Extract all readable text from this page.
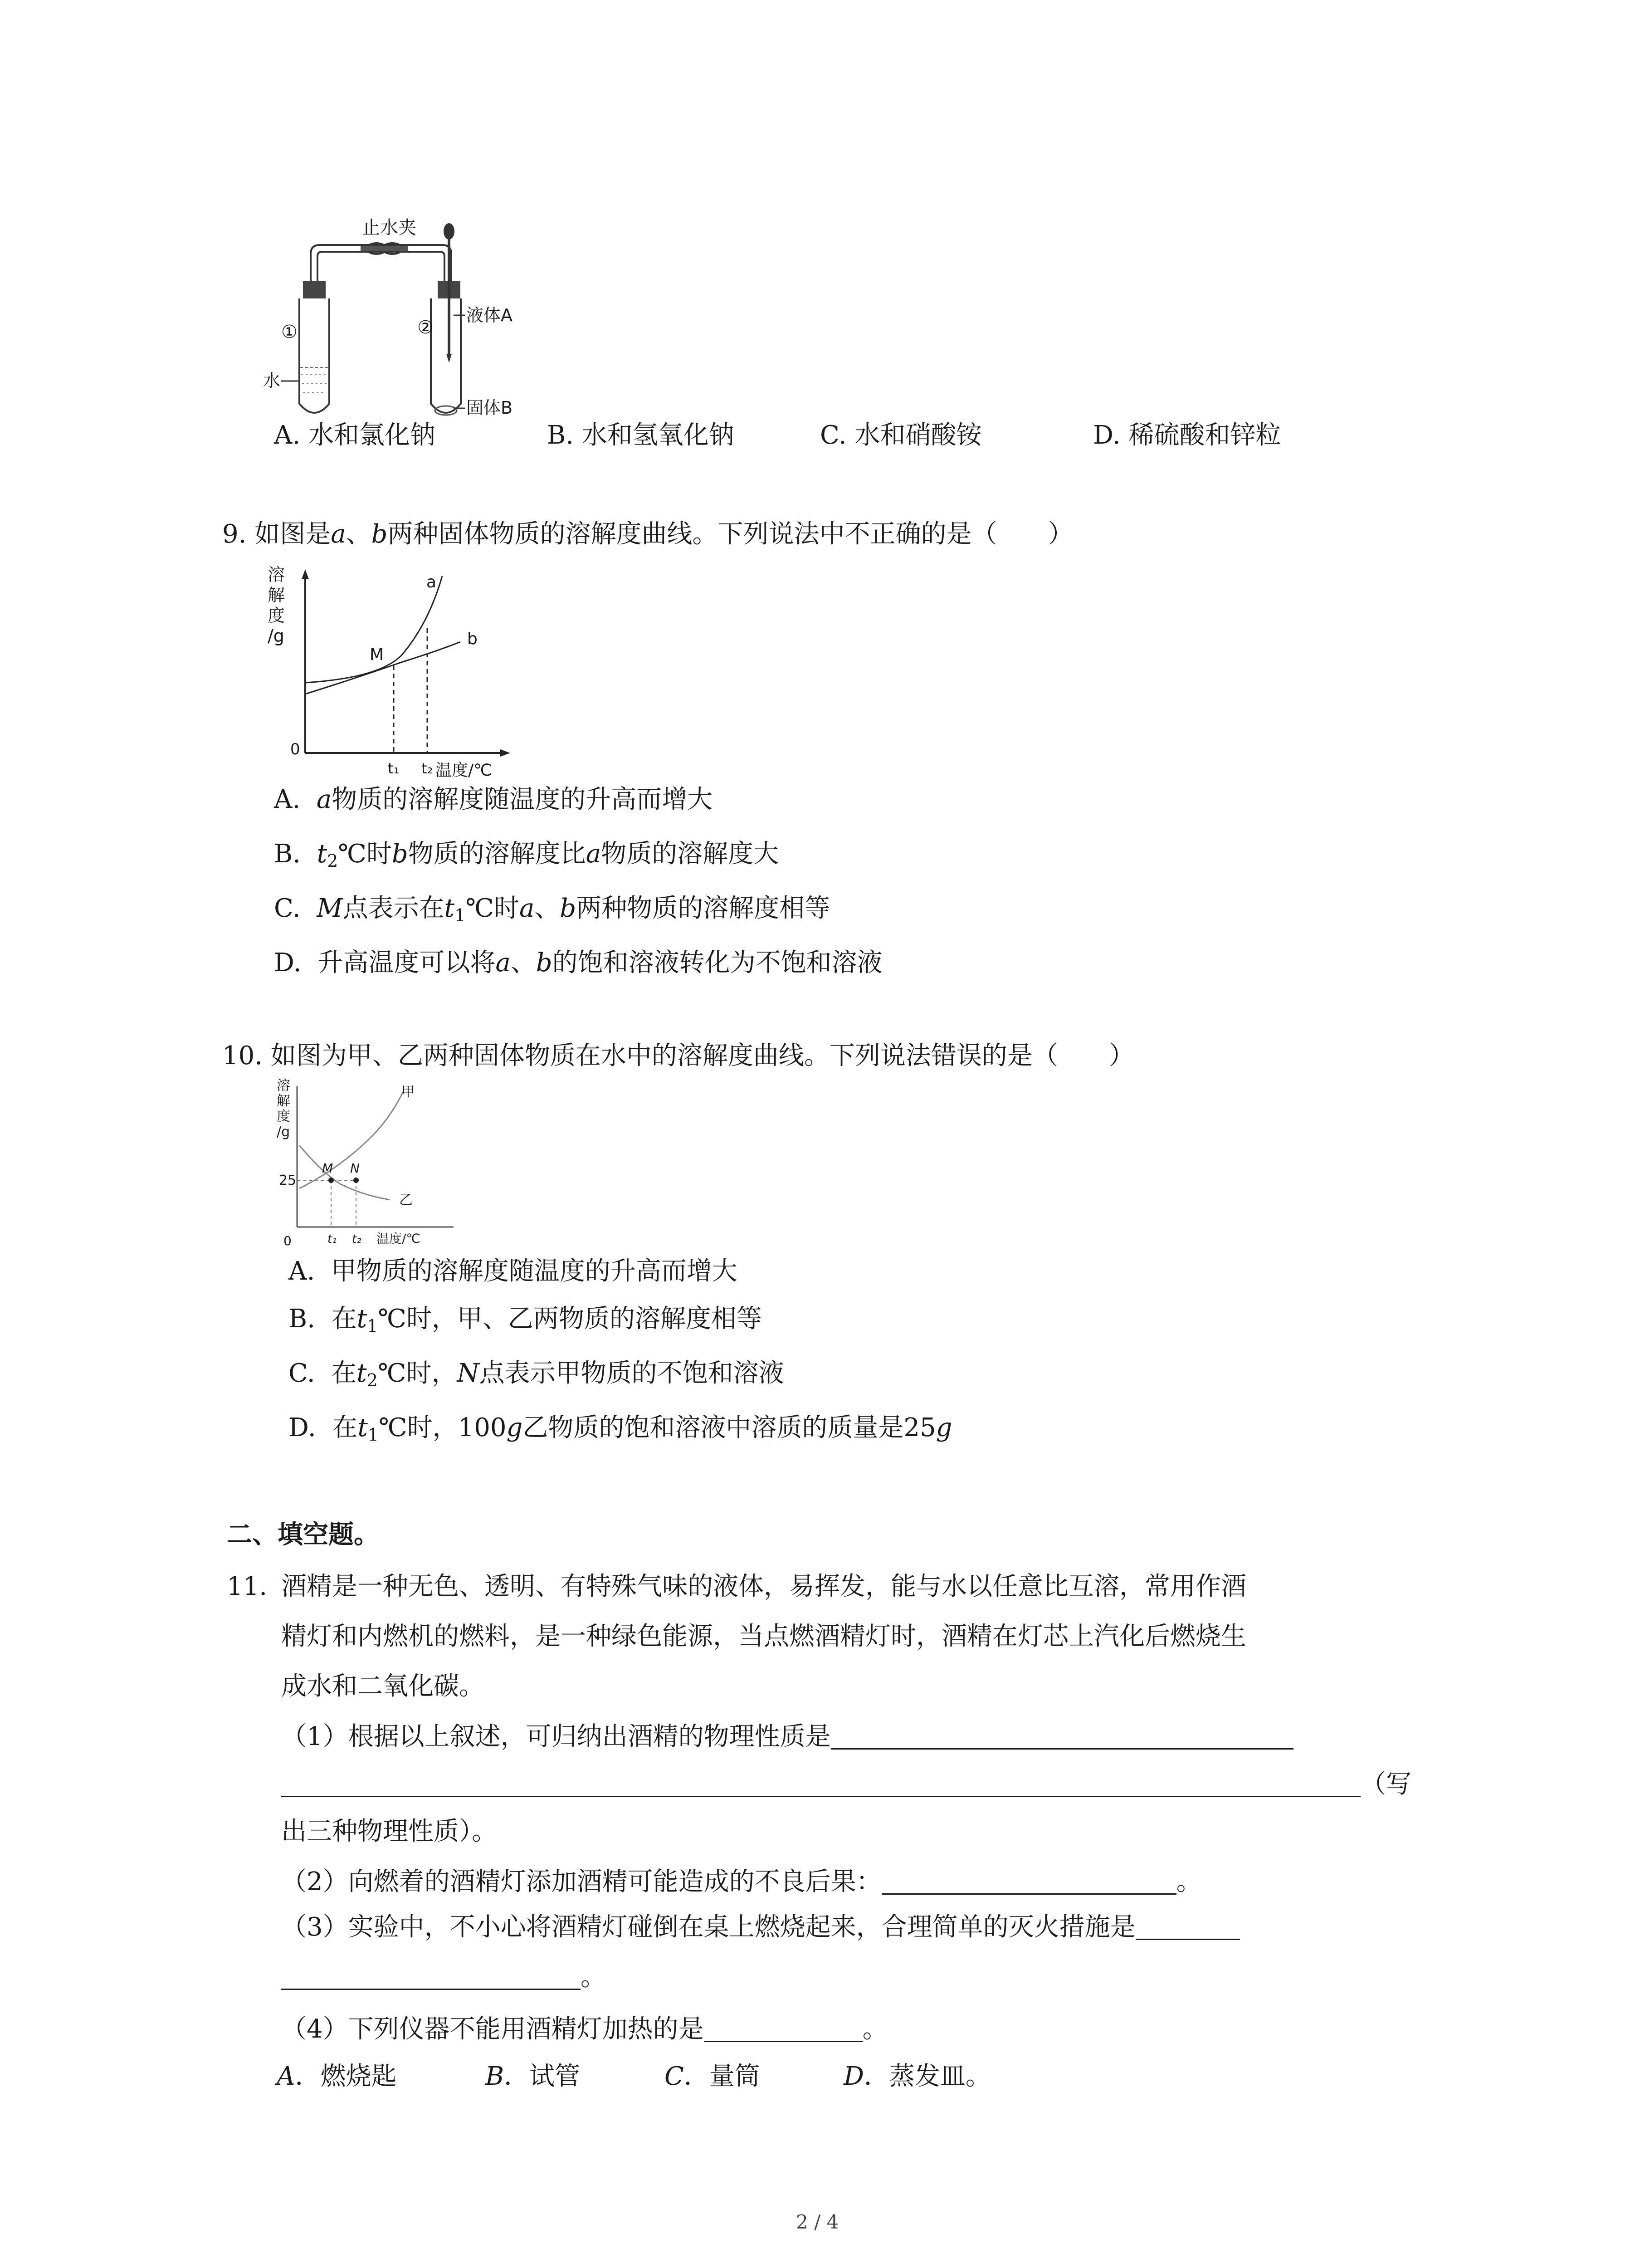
止水夹
①
水
②
液体A
固体B
A. 水和氯化钠	B. 水和氢氧化钠	C. 水和硝酸铵	D. 稀硫酸和锌粒
9. 如图是a、b两种固体物质的溶解度曲线。下列说法中不正确的是（　　）
溶
解
度
/g
0
M
a
b
t₁ t₂ 温度/℃
A. a物质的溶解度随温度的升高而增大
B. $t_2℃$时b物质的溶解度比a物质的溶解度大
C. M点表示在$t_1℃$时a、b两种物质的溶解度相等
D. 升高温度可以将a、b的饱和溶液转化为不饱和溶液
10. 如图为甲、乙两种固体物质在水中的溶解度曲线。下列说法错误的是（　　）
溶
解
度
/g
0
25
M N
甲
乙
t₁ t₂ 温度/℃
A. 甲物质的溶解度随温度的升高而增大
B. 在$t_1℃$时，甲、乙两物质的溶解度相等
C. 在$t_2℃$时，N点表示甲物质的不饱和溶液
D. 在$t_1℃$时，100g乙物质的饱和溶液中溶质的质量是25g
二、填空题。
11. 酒精是一种无色、透明、有特殊气味的液体，易挥发，能与水以任意比互溶，常用作酒
精灯和内燃机的燃料，是一种绿色能源，当点燃酒精灯时，酒精在灯芯上汽化后燃烧生
成水和二氧化碳。
（1）根据以上叙述，可归纳出酒精的物理性质是
（写
出三种物理性质）。
（2）向燃着的酒精灯添加酒精可能造成的不良后果：	。
（3）实验中，不小心将酒精灯碰倒在桌上燃烧起来，合理简单的灭火措施是
。
（4）下列仪器不能用酒精灯加热的是	。
A．燃烧匙	B．试管	C．量筒	D．蒸发皿。
2 / 4
